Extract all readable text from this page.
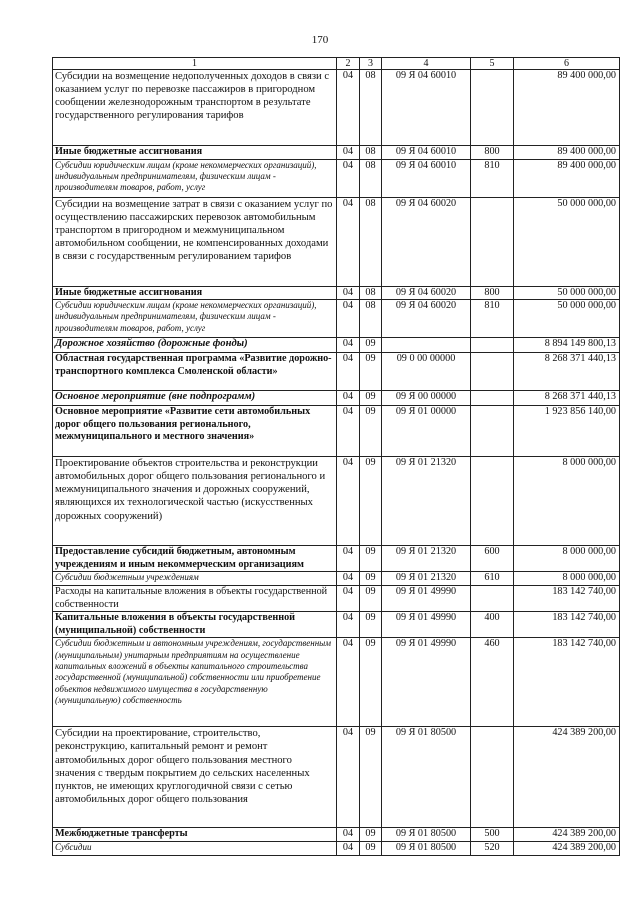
170
1	2	3	4	5	6
Субсидии на возмещение недополученных доходов в связи с оказанием услуг по перевозке пассажиров в пригородном сообщении железнодорожным транспортом в результате государственного регулирования тарифов	04	08	09 Я 04 60010		89 400 000,00
Иные бюджетные ассигнования	04	08	09 Я 04 60010	800	89 400 000,00
Субсидии юридическим лицам (кроме некоммерческих организаций), индивидуальным предпринимателям, физическим лицам - производителям товаров, работ, услуг	04	08	09 Я 04 60010	810	89 400 000,00
Субсидии на возмещение затрат в связи с оказанием услуг по осуществлению пассажирских перевозок автомобильным транспортом в пригородном и межмуниципальном автомобильном сообщении, не компенсированных доходами в связи с государственным регулированием тарифов	04	08	09 Я 04 60020		50 000 000,00
Иные бюджетные ассигнования	04	08	09 Я 04 60020	800	50 000 000,00
Субсидии юридическим лицам (кроме некоммерческих организаций), индивидуальным предпринимателям, физическим лицам - производителям товаров, работ, услуг	04	08	09 Я 04 60020	810	50 000 000,00
Дорожное хозяйство (дорожные фонды)	04	09			8 894 149 800,13
Областная государственная программа «Развитие дорожно-транспортного комплекса Смоленской области»	04	09	09 0 00 00000		8 268 371 440,13
Основное мероприятие (вне подпрограмм)	04	09	09 Я 00 00000		8 268 371 440,13
Основное мероприятие «Развитие сети автомобильных дорог общего пользования регионального, межмуниципального и местного значения»	04	09	09 Я 01 00000		1 923 856 140,00
Проектирование объектов строительства и реконструкции автомобильных дорог общего пользования регионального и межмуниципального значения и дорожных сооружений, являющихся их технологической частью (искусственных дорожных сооружений)	04	09	09 Я 01 21320		8 000 000,00
Предоставление субсидий бюджетным, автономным учреждениям и иным некоммерческим организациям	04	09	09 Я 01 21320	600	8 000 000,00
Субсидии бюджетным учреждениям	04	09	09 Я 01 21320	610	8 000 000,00
Расходы на капитальные вложения в объекты государственной собственности	04	09	09 Я 01 49990		183 142 740,00
Капитальные вложения в объекты государственной (муниципальной) собственности	04	09	09 Я 01 49990	400	183 142 740,00
Субсидии бюджетным и автономным учреждениям, государственным (муниципальным) унитарным предприятиям на осуществление капитальных вложений в объекты капитального строительства государственной (муниципальной) собственности или приобретение объектов недвижимого имущества в государственную (муниципальную) собственность	04	09	09 Я 01 49990	460	183 142 740,00
Субсидии на проектирование, строительство, реконструкцию, капитальный ремонт и ремонт автомобильных дорог общего пользования местного значения с твердым покрытием до сельских населенных пунктов, не имеющих круглогодичной связи с сетью автомобильных дорог общего пользования	04	09	09 Я 01 80500		424 389 200,00
Межбюджетные трансферты	04	09	09 Я 01 80500	500	424 389 200,00
Субсидии	04	09	09 Я 01 80500	520	424 389 200,00
